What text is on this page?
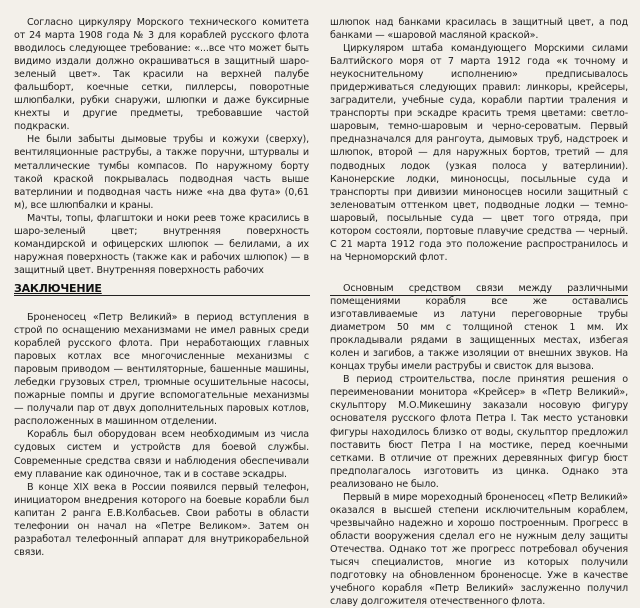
Согласно циркуляру Морского технического комитета от 24 марта 1908 года № 3 для кораблей русского флота вводилось следующее требование: «...все что может быть видимо издали должно окрашиваться в защитный шаро-зеленый цвет». Так красили на верхней палубе фальшборт, коечные сетки, пиллерсы, поворотные шлюпбалки, рубки снаружи, шлюпки и даже буксирные кнехты и другие предметы, требовавшие частой подкраски.

Не были забыты дымовые трубы и кожухи (сверху), вентиляционные раструбы, а также поручни, штурвалы и металлические тумбы компасов. По наружному борту такой краской покрывалась подводная часть выше ватерлинии и подводная часть ниже «на два фута» (0,61 м), все шлюпбалки и краны.

Мачты, топы, флагштоки и ноки реев тоже красились в шаро-зеленый цвет; внутренняя поверхность командирской и офицерских шлюпок — белилами, а их наружная поверхность (также как и рабочих шлюпок) — в защитный цвет. Внутренняя поверхность рабочих

шлюпок над банками красилась в защитный цвет, а под банками — «шаровой масляной краской».

Циркуляром штаба командующего Морскими силами Балтийского моря от 7 марта 1912 года «к точному и неукоснительному исполнению» предписывалось придерживаться следующих правил: линкоры, крейсеры, заградители, учебные суда, корабли партии траления и транспорты при эскадре красить тремя цветами: светло-шаровым, темно-шаровым и черно-сероватым. Первый предназначался для рангоута, дымовых труб, надстроек и шлюпок, второй — для наружных бортов, третий — для подводных лодок (узкая полоса у ватерлинии). Канонерские лодки, миноносцы, посыльные суда и транспорты при дивизии миноносцев носили защитный с зеленоватым оттенком цвет, подводные лодки — темно-шаровый, посыльные суда — цвет того отряда, при котором состояли, портовые плавучие средства — черный. С 21 марта 1912 года это положение распространилось и на Черноморский флот.

ЗАКЛЮЧЕНИЕ

Броненосец «Петр Великий» в период вступления в строй по оснащению механизмами не имел равных среди кораблей русского флота. При неработающих главных паровых котлах все многочисленные механизмы с паровым приводом — вентиляторные, башенные машины, лебедки грузовых стрел, трюмные осушительные насосы, пожарные помпы и другие вспомогательные механизмы — получали пар от двух дополнительных паровых котлов, расположенных в машинном отделении.

Корабль был оборудован всем необходимым из числа судовых систем и устройств для боевой службы. Современные средства связи и наблюдения обеспечивали ему плавание как одиночное, так и в составе эскадры.

В конце XIX века в России появился первый телефон, инициатором внедрения которого на боевые корабли был капитан 2 ранга Е.В.Колбасьев. Свои работы в области телефонии он начал на «Петре Великом». Затем он разработал телефонный аппарат для внутрикорабельной связи.

Основным средством связи между различными помещениями корабля все же оставались изготавливаемые из латуни переговорные трубы диаметром 50 мм с толщиной стенок 1 мм. Их прокладывали рядами в защищенных местах, избегая колен и загибов, а также изоляции от внешних звуков. На концах трубы имели раструбы и свисток для вызова.

В период строительства, после принятия решения о переименовании монитора «Крейсер» в «Петр Великий», скульптору М.О.Микешину заказали носовую фигуру основателя русского флота Петра I. Так место установки фигуры находилось близко от воды, скульптор предложил поставить бюст Петра I на мостике, перед коечными сетками. В отличие от прежних деревянных фигур бюст предполагалось изготовить из цинка. Однако эта реализовано не было.

Первый в мире мореходный броненосец «Петр Великий» оказался в высшей степени исключительным кораблем, чрезвычайно надежно и хорошо построенным. Прогресс в области вооружения сделал его не нужным делу защиты Отечества. Однако тот же прогресс потребовал обучения тысяч специалистов, многие из которых получили подготовку на обновленном броненосце. Уже в качестве учебного корабля «Петр Великий» заслуженно получил славу долгожителя отечественного флота.
